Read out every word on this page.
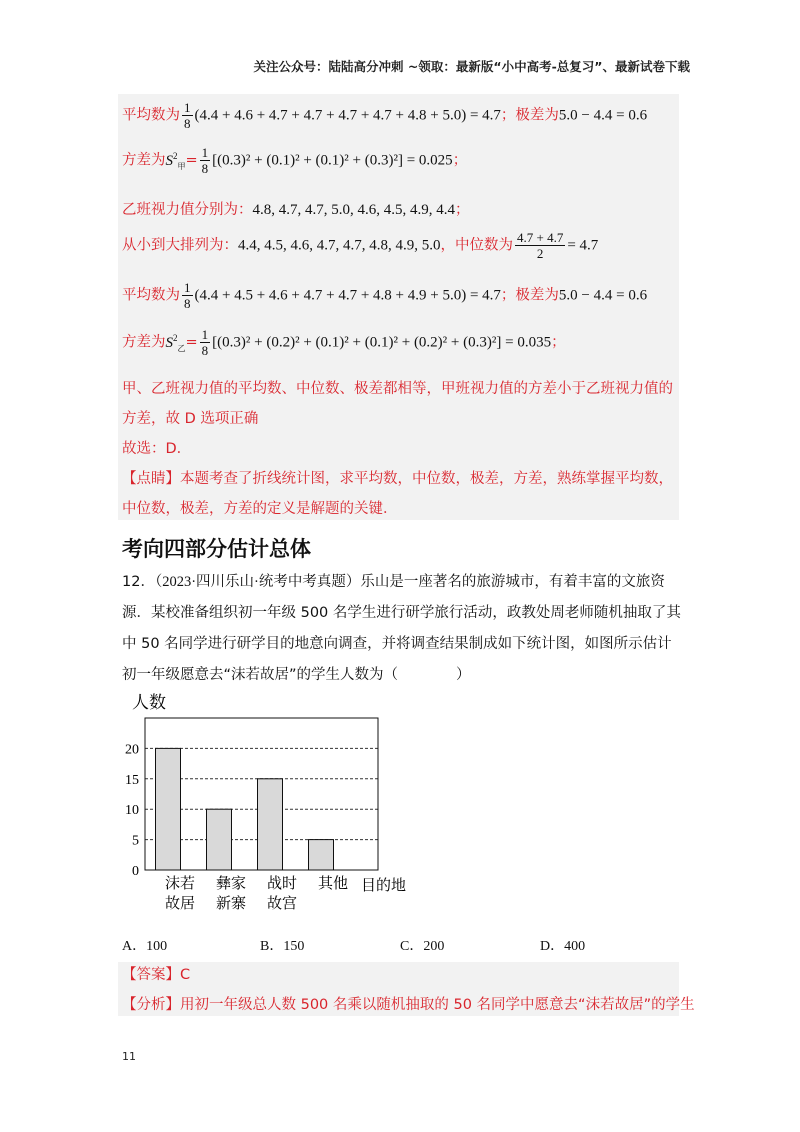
关注公众号：陆陆高分冲刺 ~领取：最新版“小中高考-总复习”、最新试卷下载
平均数为 $\frac{1}{8} (4.4 + 4.6 + 4.7 + 4.7 + 4.7 + 4.7 + 4.8 + 5.0) = 4.7$；极差为5.0 − 4.4 = 0.6
方差为$S^2_甲= \frac{1}{8} [(0.3)^2 + (0.1)^2 + (0.1)^2 + (0.3)^2] = 0.025$；
乙班视力值分别为：4.8, 4.7, 4.7, 5.0, 4.6, 4.5, 4.9, 4.4；
从小到大排列为：4.4, 4.5, 4.6, 4.7, 4.7, 4.8, 4.9, 5.0，中位数为 $\frac{4.7 + 4.7}{2} = 4.7$
平均数为 $\frac{1}{8} (4.4 + 4.5 + 4.6 + 4.7 + 4.7 + 4.8 + 4.9 + 5.0) = 4.7$；极差为5.0 − 4.4 = 0.6
方差为$S^2_乙= \frac{1}{8} [(0.3)^2 + (0.2)^2 + (0.1)^2 + (0.1)^2 + (0.2)^2 + (0.3)^2] = 0.035$；
甲、乙班视力值的平均数、中位数、极差都相等，甲班视力值的方差小于乙班视力值的方差，故 D 选项正确
故选：D．
【点睛】本题考查了折线统计图，求平均数，中位数，极差，方差，熟练掌握平均数，中位数，极差，方差的定义是解题的关键．
考向四部分估计总体
12．（2023·四川乐山·统考中考真题）乐山是一座著名的旅游城市，有着丰富的文旅资源．某校准备组织初一年级 500 名学生进行研学旅行活动，政教处周老师随机抽取了其中 50 名同学进行研学目的地意向调查，并将调查结果制成如下统计图，如图所示估计初一年级愿意去“沫若故居”的学生人数为（　　　　）
人数
0
5
10
15
20
沫若
故居
彝家
新寨
战时
故宫
其他 目的地
A．100	B．150	C．200	D．400
【答案】C
【分析】用初一年级总人数 500 名乘以随机抽取的 50 名同学中愿意去“沫若故居”的学生
11
